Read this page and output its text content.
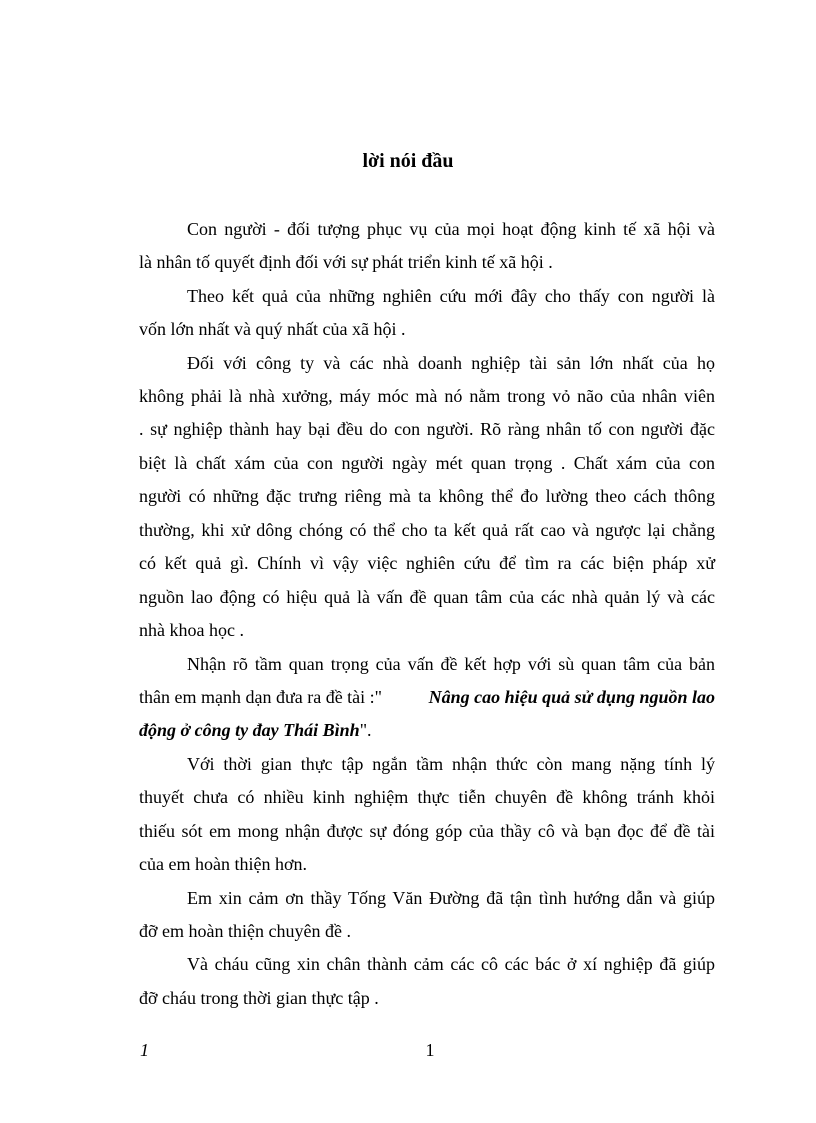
lời nói đầu
Con người - đối tượng phục vụ của mọi hoạt động kinh tế xã hội và
là nhân tố quyết định đối với sự phát triển kinh tế xã hội .
Theo kết quả của những nghiên cứu mới đây cho thấy con người là
vốn lớn nhất và quý nhất của xã hội .
Đối với công ty và các nhà doanh nghiệp tài sản lớn nhất của họ
không phải là nhà xưởng, máy móc mà nó nằm trong vỏ não của nhân viên
. sự nghiệp thành hay bại đều do con người. Rõ ràng nhân tố con người đặc
biệt là chất xám của con người ngày mét quan trọng . Chất xám của con
người có những đặc trưng riêng mà ta không thể đo lường theo cách thông
thường, khi xử dông chóng có thể cho ta kết quả rất cao và ngược lại chẳng
có kết quả gì. Chính vì vậy việc nghiên cứu để tìm ra các biện pháp xử
nguồn lao động có hiệu quả là vấn đề quan tâm của các nhà quản lý và các
nhà khoa học .
Nhận rõ tầm quan trọng của vấn đề kết hợp với sù quan tâm của bản
thân em mạnh dạn đưa ra đề tài :"	Nâng cao hiệu quả sử dụng nguồn lao
động ở công ty đay Thái Bình".
Với thời gian thực tập ngắn tầm nhận thức còn mang nặng tính lý
thuyết chưa có nhiều kinh nghiệm thực tiễn chuyên đề không tránh khỏi
thiếu sót em mong nhận được sự đóng góp của thầy cô và bạn đọc để đề tài
của em hoàn thiện hơn.
Em xin cảm ơn thầy Tống Văn Đường đã tận tình hướng dẫn và giúp
đỡ em hoàn thiện chuyên đề .
Và cháu cũng xin chân thành cảm các cô các bác ở xí nghiệp đã giúp
đỡ cháu trong thời gian thực tập .
1	1
